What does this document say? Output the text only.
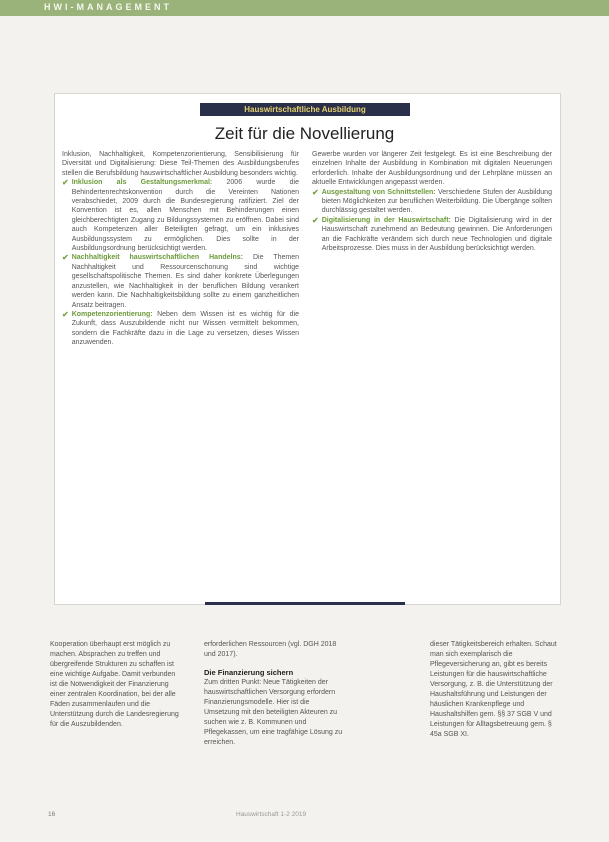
HWI-MANAGEMENT
Hauswirtschaftliche Ausbildung
Zeit für die Novellierung

Inklusion, Nachhaltigkeit, Kompetenzorientierung, Sensibilisierung für Diversität und Digitalisierung: Diese Teil-Themen des Ausbildungsberufes stellen die Berufsbildung hauswirtschaftlicher Ausbildung besonders wichtig.

✔ Inklusion als Gestaltungsmerkmal: 2006 wurde die Behindertenrechtskonvention durch die Vereinten Nationen verabschiedet, 2009 durch die Bundesregierung ratifiziert. Ziel der Konvention ist es, allen Menschen mit Behinderungen einen gleichberechtigten Zugang zu Bildungssystemen zu eröffnen. Dabei sind auch Kompetenzen aller Beteiligten gefragt, um ein inklusives Ausbildungssystem zu ermöglichen. Dies sollte in der Ausbildungsordnung berücksichtigt werden.
✔ Nachhaltigkeit hauswirtschaftlichen Handelns: Die Themen Nachhaltigkeit und Ressourcenschonung sind wichtige gesellschaftspolitische Themen. Es sind daher konkrete Überlegungen anzustellen, wie Nachhaltigkeit in der beruflichen Bildung verankert werden kann. Die Nachhaltigkeitsbildung sollte zu einem ganzheitlichen Ansatz beitragen.
✔ Kompetenzorientierung: Neben dem Wissen ist es wichtig für die Zukunft, dass Auszubildende nicht nur Wissen vermittelt bekommen, sondern die Fachkräfte dazu in die Lage zu versetzen, dieses Wissen anzuwenden.

Gewerbe wurden vor längerer Zeit festgelegt. Es ist eine Beschreibung der einzelnen Inhalte der Ausbildung in Kombination mit digitalen Neuerungen erforderlich. Inhalte der Ausbildungsordnung und der Lehrpläne müssen an aktuelle Entwicklungen angepasst werden.

✔ Ausgestaltung von Schnittstellen: Verschiedene Stufen der Ausbildung bieten Möglichkeiten zur beruflichen Weiterbildung. Die Übergänge sollten durchlässig gestaltet werden.
✔ Digitalisierung in der Hauswirtschaft: Die Digitalisierung wird in der Hauswirtschaft zunehmend an Bedeutung gewinnen. Die Anforderungen an die Fachkräfte verändern sich durch neue Technologien und digitale Arbeitsprozesse. Dies muss in der Ausbildung berücksichtigt werden.
Kooperation überhaupt erst möglich zu machen. Absprachen zu treffen und übergreifende Strukturen zu schaffen ist eine wichtige Aufgabe. Damit verbunden ist die Notwendigkeit der Finanzierung einer zentralen Koordination, bei der alle Fäden zusammenlaufen und die Unterstützung durch die Landesregierung für die Auszubildenden.
erforderlichen Ressourcen (vgl. DGH 2018 und 2017).
Die Finanzierung sichern
Zum dritten Punkt: Neue Tätigkeiten der hauswirtschaftlichen Versorgung erfordern Finanzierungsmodelle. Hier ist die Umsetzung mit den beteiligten Akteuren zu suchen wie z. B. Kommunen und Pflegekassen, um eine tragfähige Lösung zu erreichen.
dieser Tätigkeitsbereich erhalten. Schaut man sich exemplarisch die Pflegeversicherung an, gibt es bereits Leistungen für die hauswirtschaftliche Versorgung, z. B. die Unterstützung der Haushaltsführung und Leistungen der häuslichen Krankenpflege und Haushaltshilfen gem. §§ 37 SGB V und Leistungen für Alltagsbetreuung gem. § 45a SGB XI.
16	Hauswirtschaft 1-2 2019
